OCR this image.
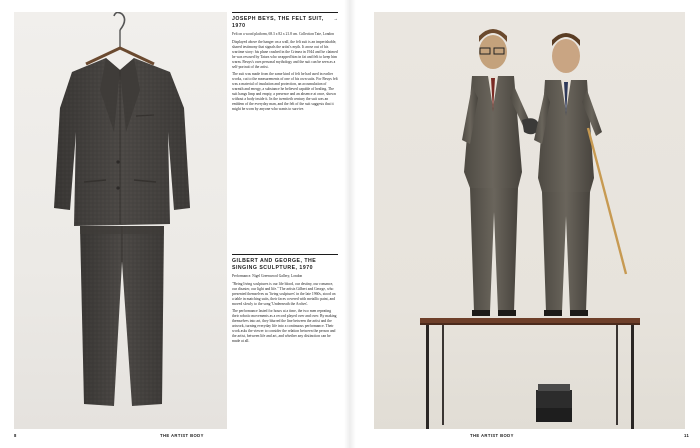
JOSEPH BEYS, THE FELT SUIT, 1970
→
Felt on a wood platform, 68.3 x 82 x 21.8 cm. Collection Tate, London

Displayed above the hanger on a wall, the felt suit is an imperishable, shared testimony that signals the artist's myth. It arose out of his wartime story: his plane crashed in the Crimea in 1944 and he claimed he was rescued by Tatars who wrapped him in fat and felt to keep him warm. Beuys's own personal mythology and the suit can be seen as a self-portrait of the artist.

The suit was made from the same kind of felt he had used in earlier works, cut to the measurements of one of his own suits. For Beuys felt was a material of insulation and protection, an accumulation of warmth and energy, a substance he believed capable of healing. The suit hangs limp and empty, a presence and an absence at once, shown without a body inside it. In the twentieth century the suit was an emblem of the everyday man, and the felt of the suit suggests that it might be worn by anyone who wants to survive.

GILBERT AND GEORGE, THE SINGING SCULPTURE, 1970
Performance. Nigel Greenwood Gallery, London

"Being living sculptures is our life blood, our destiny, our romance, our disaster, our light and life." The artists Gilbert and George, who presented themselves as 'living sculptures' in the late 1960s, stood on a table in matching suits, their faces covered with metallic paint, and moved slowly to the song 'Underneath the Arches'.

The performance lasted for hours at a time, the two men repeating their robotic movements as a record played over and over. By making themselves into art, they blurred the line between the artist and the artwork, turning everyday life into a continuous performance. Their work asks the viewer to consider the relation between the person and the artist, between life and art, and whether any distinction can be made at all.

8	THE ARTIST BODY	THE ARTIST BODY	11
